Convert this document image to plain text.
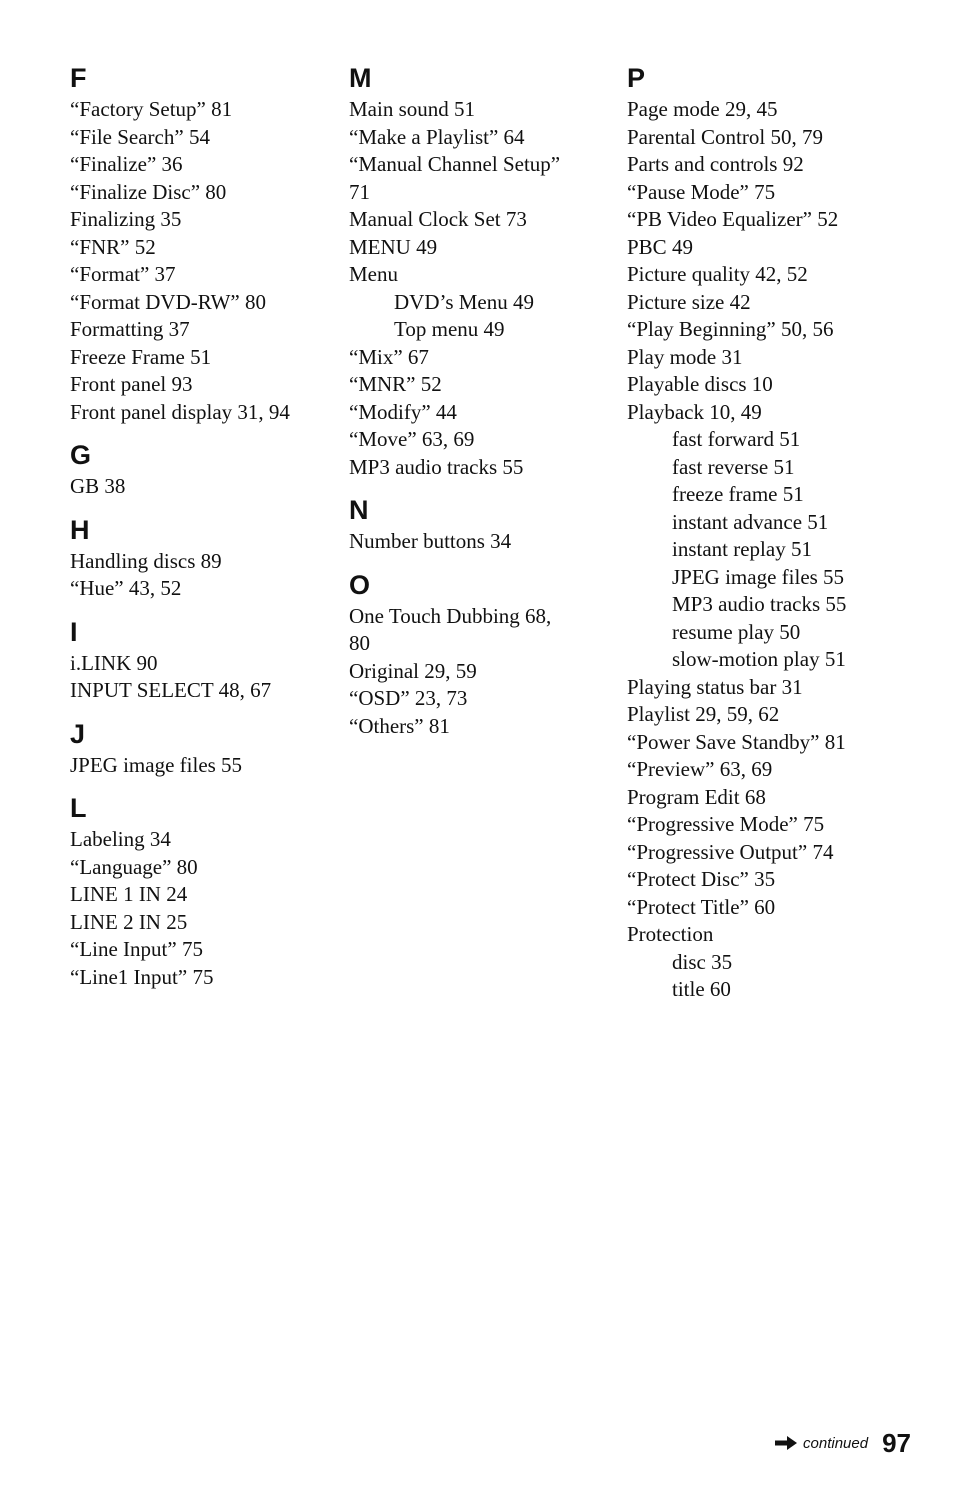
F
“Factory Setup” 81
“File Search” 54
“Finalize” 36
“Finalize Disc” 80
Finalizing 35
“FNR” 52
“Format” 37
“Format DVD-RW” 80
Formatting 37
Freeze Frame 51
Front panel 93
Front panel display 31, 94
G
GB 38
H
Handling discs 89
“Hue” 43, 52
I
i.LINK 90
INPUT SELECT 48, 67
J
JPEG image files 55
L
Labeling 34
“Language” 80
LINE 1 IN 24
LINE 2 IN 25
“Line Input” 75
“Line1 Input” 75
M
Main sound 51
“Make a Playlist” 64
“Manual Channel Setup”
71
Manual Clock Set 73
MENU 49
Menu
DVD’s Menu 49
Top menu 49
“Mix” 67
“MNR” 52
“Modify” 44
“Move” 63, 69
MP3 audio tracks 55
N
Number buttons 34
O
One Touch Dubbing 68,
80
Original 29, 59
“OSD” 23, 73
“Others” 81
P
Page mode 29, 45
Parental Control 50, 79
Parts and controls 92
“Pause Mode” 75
“PB Video Equalizer” 52
PBC 49
Picture quality 42, 52
Picture size 42
“Play Beginning” 50, 56
Play mode 31
Playable discs 10
Playback 10, 49
fast forward 51
fast reverse 51
freeze frame 51
instant advance 51
instant replay 51
JPEG image files 55
MP3 audio tracks 55
resume play 50
slow-motion play 51
Playing status bar 31
Playlist 29, 59, 62
“Power Save Standby” 81
“Preview” 63, 69
Program Edit 68
“Progressive Mode” 75
“Progressive Output” 74
“Protect Disc” 35
“Protect Title” 60
Protection
disc 35
title 60
continued 97
